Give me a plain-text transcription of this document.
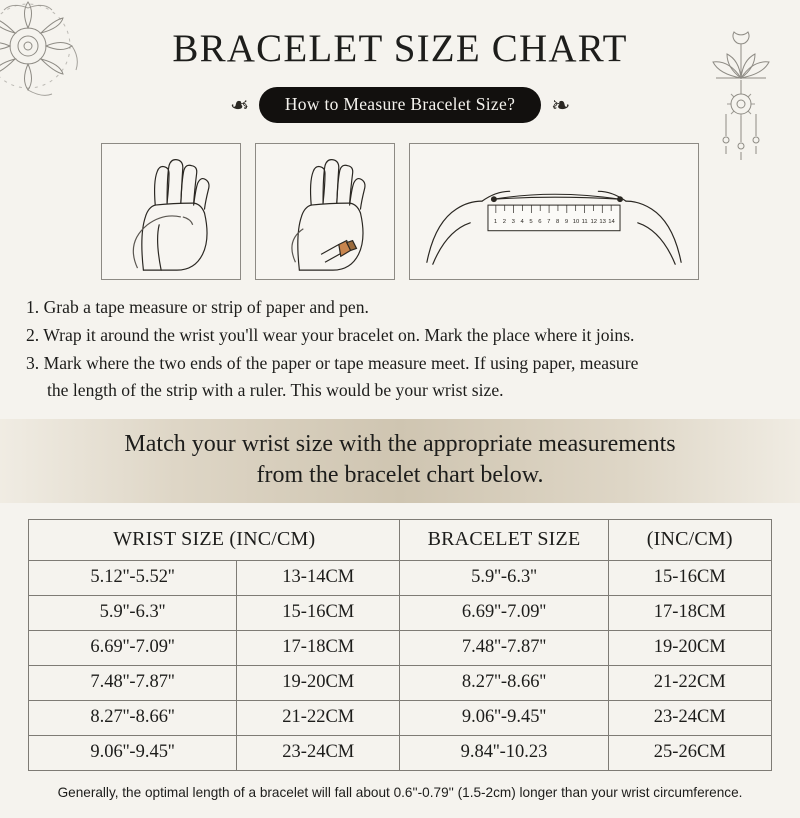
BRACELET SIZE CHART
❧	How to Measure Bracelet Size?	❧
1 2 3 4 5 6 7 8 9 10 11 12 13 14
1. Grab a tape measure or strip of paper and pen.
2. Wrap it around the wrist you'll wear your bracelet on. Mark the place where it joins.
3. Mark where the two ends of the paper or tape measure meet. If using paper, measure
the length of the strip with a ruler. This would be your wrist size.
Match your wrist size with the appropriate measurements
from the bracelet chart below.
WRIST SIZE (INC/CM)		BRACELET SIZE	(INC/CM)
5.12''-5.52''	13-14CM	5.9''-6.3''	15-16CM
5.9''-6.3''	15-16CM	6.69''-7.09''	17-18CM
6.69''-7.09''	17-18CM	7.48''-7.87''	19-20CM
7.48''-7.87''	19-20CM	8.27''-8.66''	21-22CM
8.27''-8.66''	21-22CM	9.06''-9.45''	23-24CM
9.06''-9.45''	23-24CM	9.84''-10.23	25-26CM
Generally, the optimal length of a bracelet will fall about 0.6''-0.79'' (1.5-2cm) longer than your wrist circumference.
